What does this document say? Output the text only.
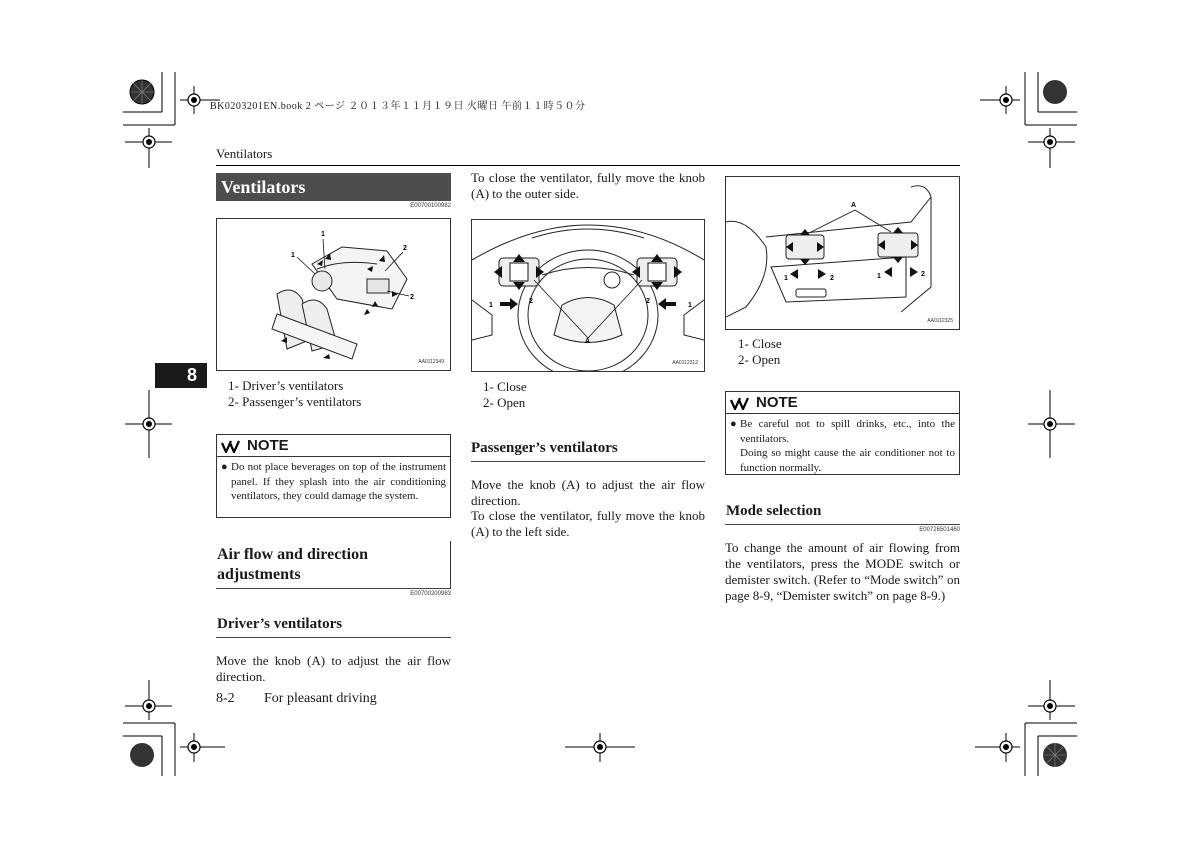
BK0203201EN.book 2 ページ ２０１３年１１月１９日 火曜日 午前１１時５０分
Ventilators
8
Ventilators
E00700100982
1
1
2
2
AA0112349
1- Driver’s ventilators
2- Passenger’s ventilators
NOTE
● Do not place beverages on top of the instrument panel. If they splash into the air conditioning ventilators, they could damage the system.
Air flow and direction adjustments
E00700200983
Driver’s ventilators
Move the knob (A) to adjust the air flow direction.
8-2 For pleasant driving
To close the ventilator, fully move the knob (A) to the outer side.
1
2	2
1
A
AA0112312
1- Close
2- Open
Passenger’s ventilators
Move the knob (A) to adjust the air flow direction.
To close the ventilator, fully move the knob (A) to the left side.
A
1	2	1	2
AA0112325
1- Close
2- Open
NOTE
● Be careful not to spill drinks, etc., into the ventilators.
Doing so might cause the air conditioner not to function normally.
Mode selection
E00726501460
To change the amount of air flowing from the ventilators, press the MODE switch or demister switch. (Refer to “Mode switch” on page 8-9, “Demister switch” on page 8-9.)
